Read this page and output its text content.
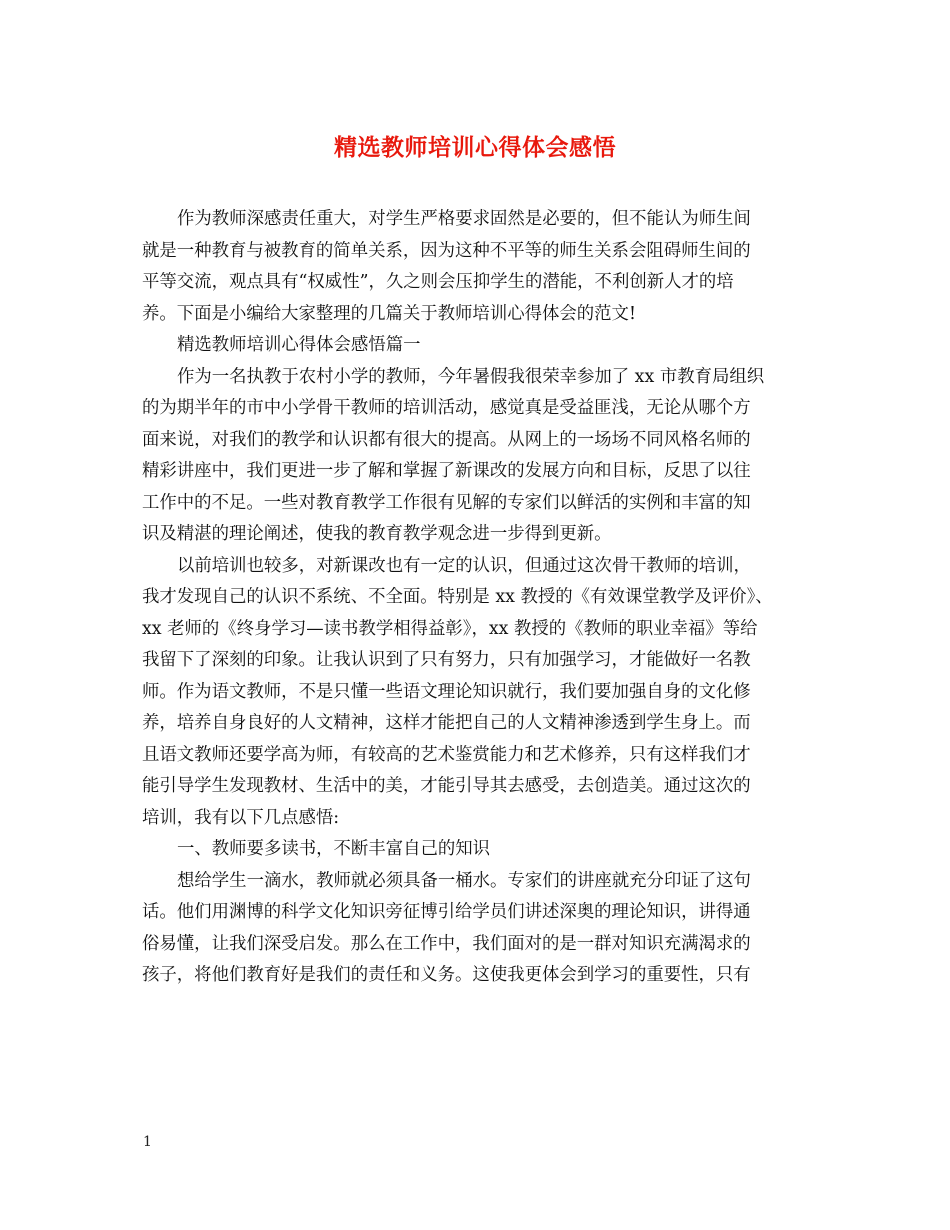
精选教师培训心得体会感悟
作为教师深感责任重大，对学生严格要求固然是必要的，但不能认为师生间
就是一种教育与被教育的简单关系，因为这种不平等的师生关系会阻碍师生间的
平等交流，观点具有“权威性”，久之则会压抑学生的潜能，不利创新人才的培
养。下面是小编给大家整理的几篇关于教师培训心得体会的范文!
精选教师培训心得体会感悟篇一
作为一名执教于农村小学的教师，今年暑假我很荣幸参加了 xx 市教育局组织
的为期半年的市中小学骨干教师的培训活动，感觉真是受益匪浅，无论从哪个方
面来说，对我们的教学和认识都有很大的提高。从网上的一场场不同风格名师的
精彩讲座中，我们更进一步了解和掌握了新课改的发展方向和目标，反思了以往
工作中的不足。一些对教育教学工作很有见解的专家们以鲜活的实例和丰富的知
识及精湛的理论阐述，使我的教育教学观念进一步得到更新。
以前培训也较多，对新课改也有一定的认识，但通过这次骨干教师的培训，
我才发现自己的认识不系统、不全面。特别是 xx 教授的《有效课堂教学及评价》、
xx 老师的《终身学习—读书教学相得益彰》，xx 教授的《教师的职业幸福》等给
我留下了深刻的印象。让我认识到了只有努力，只有加强学习，才能做好一名教
师。作为语文教师，不是只懂一些语文理论知识就行，我们要加强自身的文化修
养，培养自身良好的人文精神，这样才能把自己的人文精神渗透到学生身上。而
且语文教师还要学高为师，有较高的艺术鉴赏能力和艺术修养，只有这样我们才
能引导学生发现教材、生活中的美，才能引导其去感受，去创造美。通过这次的
培训，我有以下几点感悟:
一、教师要多读书，不断丰富自己的知识
想给学生一滴水，教师就必须具备一桶水。专家们的讲座就充分印证了这句
话。他们用渊博的科学文化知识旁征博引给学员们讲述深奥的理论知识，讲得通
俗易懂，让我们深受启发。那么在工作中，我们面对的是一群对知识充满渴求的
孩子，将他们教育好是我们的责任和义务。这使我更体会到学习的重要性，只有
1
